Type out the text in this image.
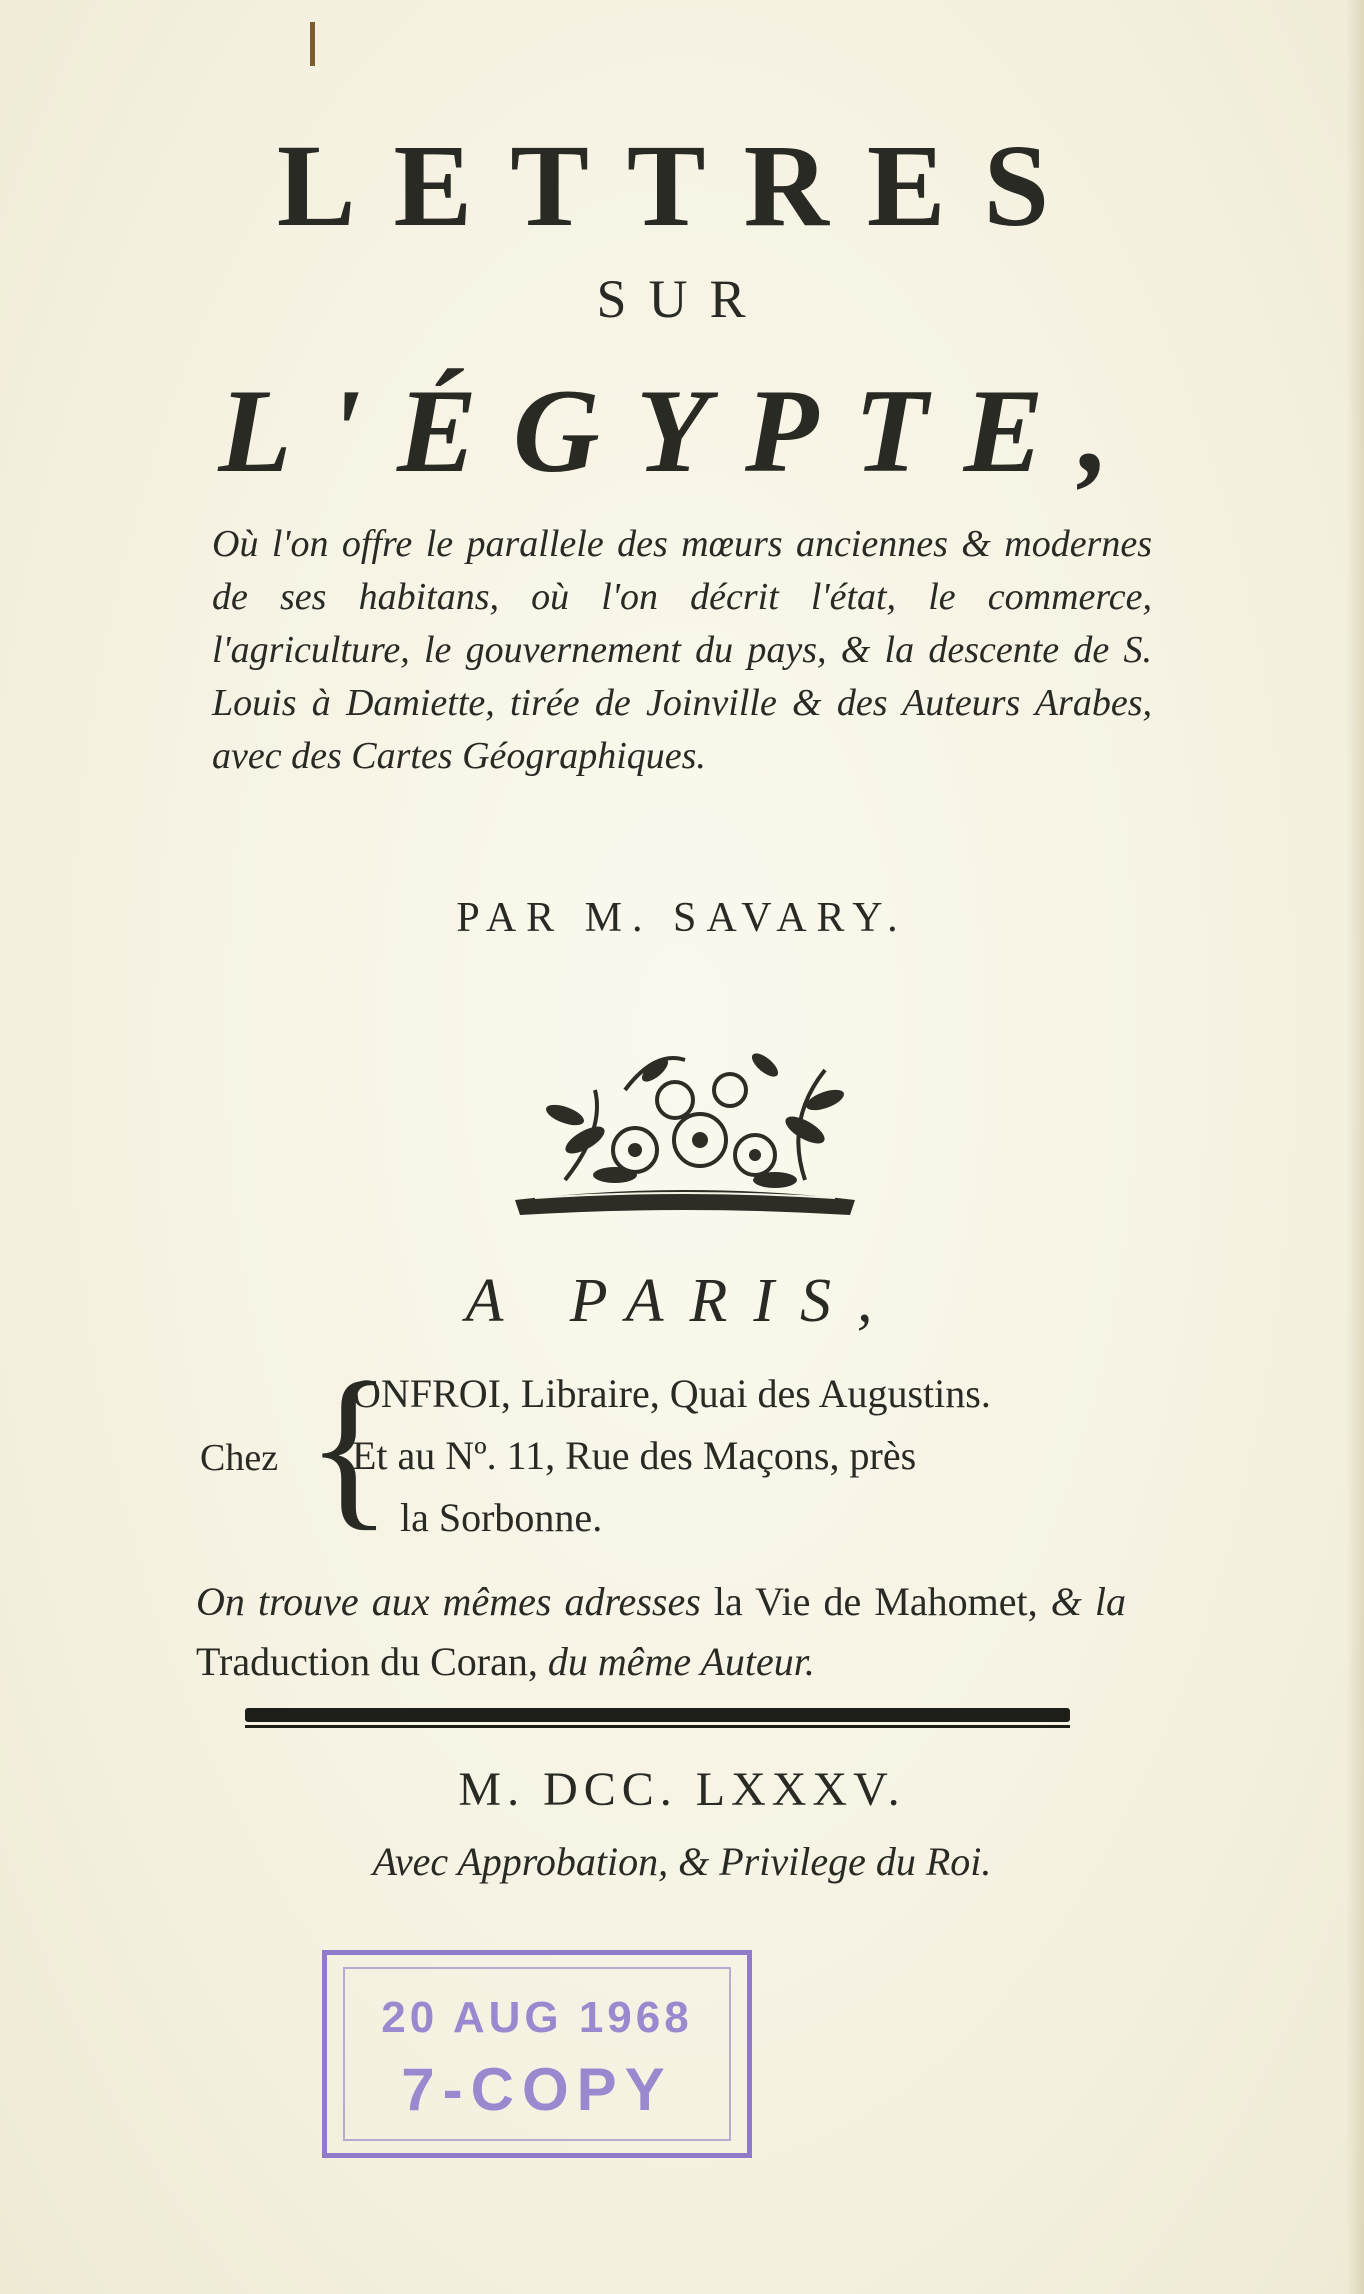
LETTRES
SUR
L'ÉGYPTE,
Où l'on offre le parallele des mœurs anciennes & modernes de ses habitans, où l'on décrit l'état, le commerce, l'agriculture, le gouvernement du pays, & la descente de S. Louis à Damiette, tirée de Joinville & des Auteurs Arabes, avec des Cartes Géographiques.
PAR M. SAVARY.
A PARIS,
Chez {
ONFROI, Libraire, Quai des Augustins.
Et au Nº. 11, Rue des Maçons, près
la Sorbonne.
On trouve aux mêmes adresses la Vie de Mahomet, & la Traduction du Coran, du même Auteur.
M. DCC. LXXXV.
Avec Approbation, & Privilege du Roi.
20 AUG 1968
7-COPY
